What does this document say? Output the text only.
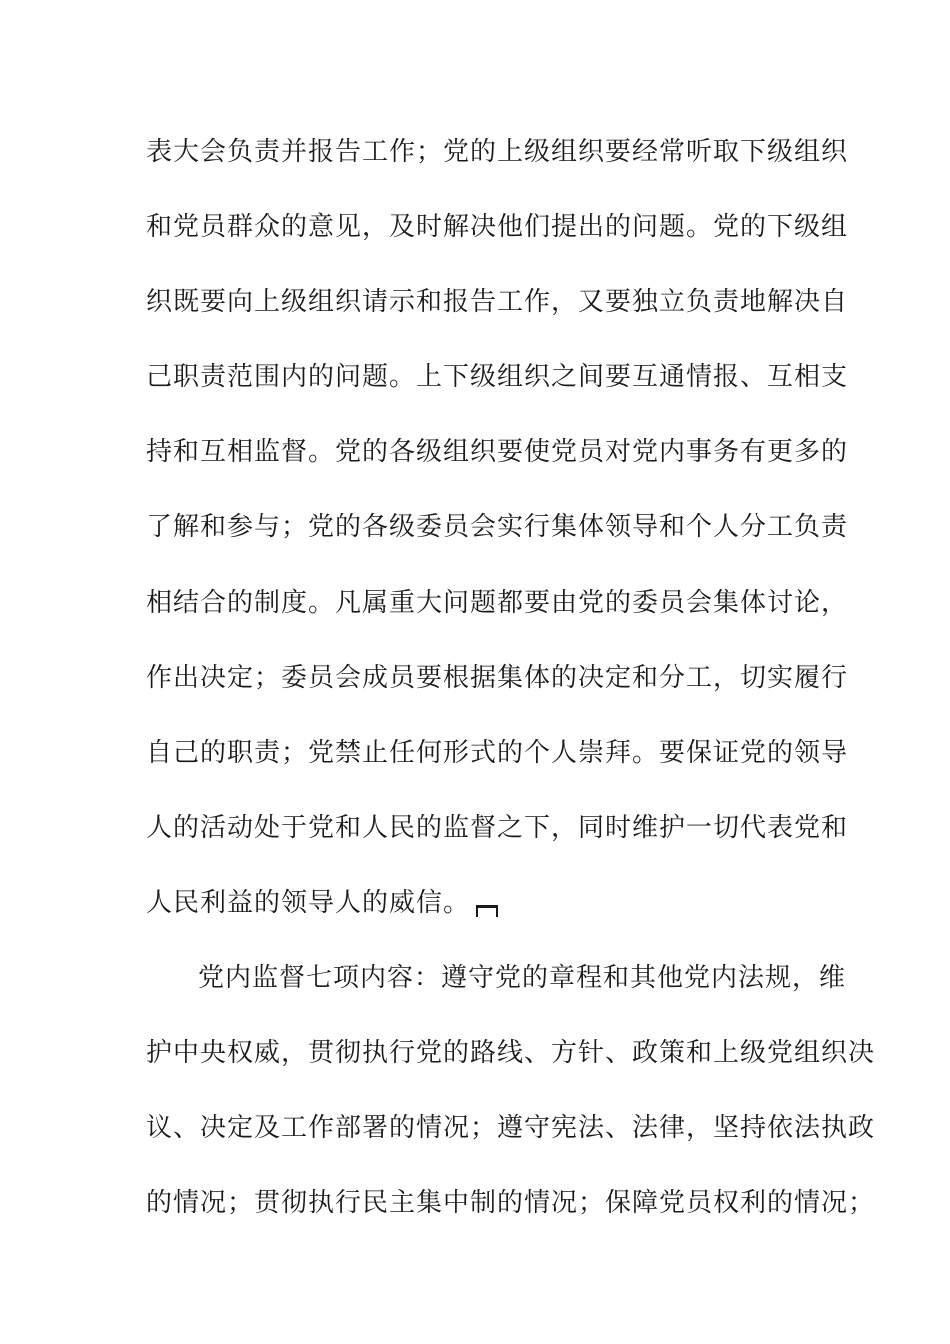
表大会负责并报告工作；党的上级组织要经常听取下级组织
和党员群众的意见，及时解决他们提出的问题。党的下级组
织既要向上级组织请示和报告工作，又要独立负责地解决自
己职责范围内的问题。上下级组织之间要互通情报、互相支
持和互相监督。党的各级组织要使党员对党内事务有更多的
了解和参与；党的各级委员会实行集体领导和个人分工负责
相结合的制度。凡属重大问题都要由党的委员会集体讨论，
作出决定；委员会成员要根据集体的决定和分工，切实履行
自己的职责；党禁止任何形式的个人崇拜。要保证党的领导
人的活动处于党和人民的监督之下，同时维护一切代表党和
人民利益的领导人的威信。
党内监督七项内容：遵守党的章程和其他党内法规，维
护中央权威，贯彻执行党的路线、方针、政策和上级党组织决
议、决定及工作部署的情况；遵守宪法、法律，坚持依法执政
的情况；贯彻执行民主集中制的情况；保障党员权利的情况；
